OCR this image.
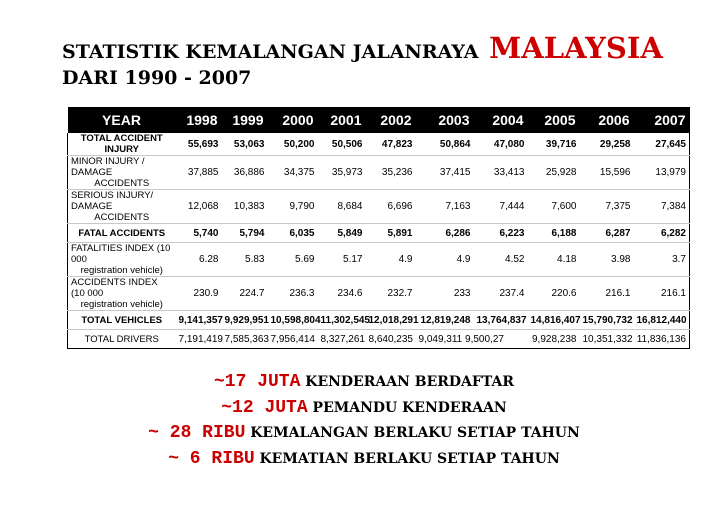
STATISTIK KEMALANGAN JALANRAYA MALAYSIA
DARI 1990 - 2007
YEAR	1998	1999	2000	2001	2002	2003	2004	2005	2006	2007

TOTAL ACCIDENT INJURY	55,693	53,063	50,200	50,506	47,823	50,864	47,080	39,716	29,258	27,645

MINOR INJURY / DAMAGE
ACCIDENTS	37,885	36,886	34,375	35,973	35,236	37,415	33,413	25,928	15,596	13,979

SERIOUS INJURY/ DAMAGE
ACCIDENTS	12,068	10,383	9,790	8,684	6,696	7,163	7,444	7,600	7,375	7,384

FATAL ACCIDENTS	5,740	5,794	6,035	5,849	5,891	6,286	6,223	6,188	6,287	6,282

FATALITIES INDEX (10 000
registration vehicle)	6.28	5.83	5.69	5.17	4.9	4.9	4.52	4.18	3.98	3.7

ACCIDENTS INDEX (10 000
registration vehicle)	230.9	224.7	236.3	234.6	232.7	233	237.4	220.6	216.1	216.1

TOTAL VEHICLES	9,141,357	9,929,951	10,598,804	11,302,545	12,018,291	12,819,248	13,764,837	14,816,407	15,790,732	16,812,440

TOTAL DRIVERS	7,191,419	7,585,363	7,956,414	8,327,261	8,640,235	9,049,311 9,500,27		9,928,238	10,351,332	11,836,136
~17 JUTA KENDERAAN BERDAFTAR
~12 JUTA PEMANDU KENDERAAN
~ 28 RIBU KEMALANGAN BERLAKU SETIAP TAHUN
~ 6 RIBU KEMATIAN BERLAKU SETIAP TAHUN
